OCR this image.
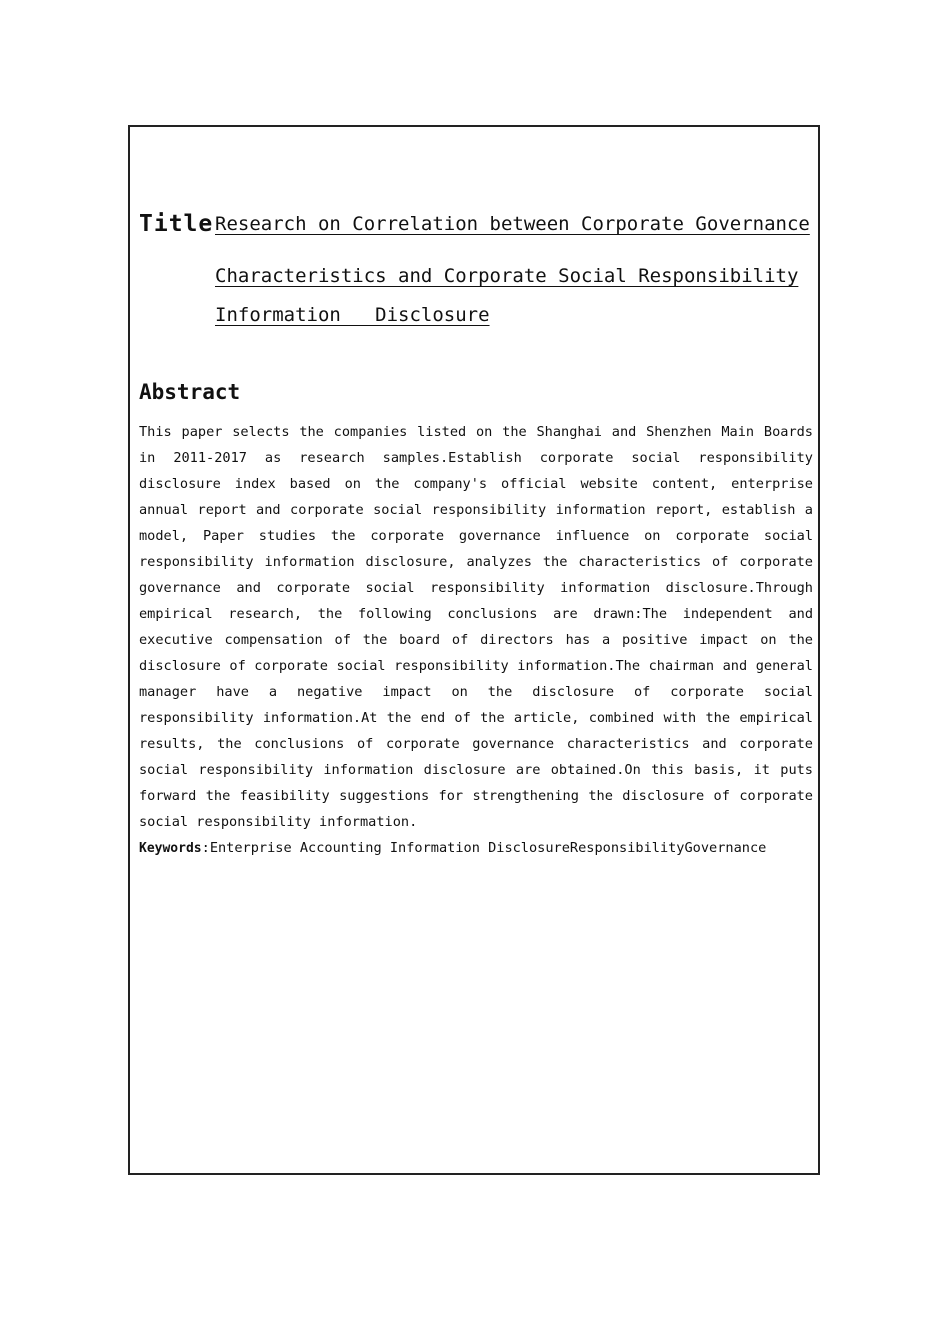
Title Research on Correlation between Corporate Governance
Characteristics and Corporate Social Responsibility
Information   Disclosure
Abstract
This paper selects the companies listed on the Shanghai and Shenzhen Main Boards in 2011-2017 as research samples.Establish corporate social responsibility disclosure index based on the company's official website content, enterprise annual report and corporate social responsibility information report, establish a model, Paper studies the corporate governance influence on corporate social responsibility information disclosure, analyzes the characteristics of corporate governance and corporate social responsibility information disclosure.Through empirical research, the following conclusions are drawn:The independent and executive compensation of the board of directors has a positive impact on the disclosure of corporate social responsibility information.The chairman and general manager have a negative impact on the disclosure of corporate social responsibility information.At the end of the article, combined with the empirical results, the conclusions of corporate governance characteristics and corporate social responsibility information disclosure are obtained.On this basis, it puts forward the feasibility suggestions for strengthening the disclosure of corporate social responsibility information.
Keywords:Enterprise Accounting Information DisclosureResponsibilityGovernance
